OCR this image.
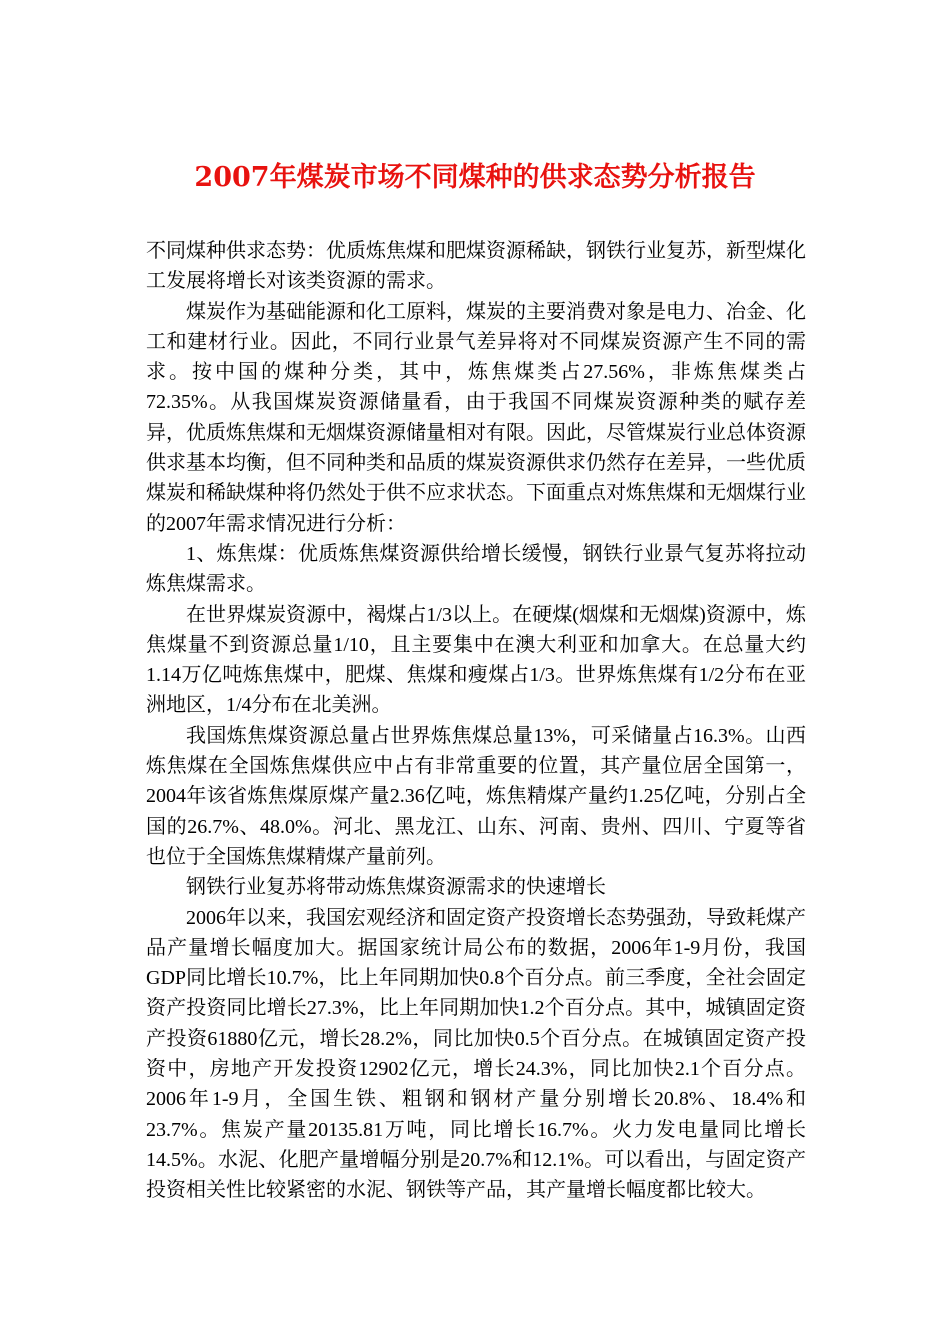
2007年煤炭市场不同煤种的供求态势分析报告

不同煤种供求态势：优质炼焦煤和肥煤资源稀缺，钢铁行业复苏，新型煤化工发展将增长对该类资源的需求。

煤炭作为基础能源和化工原料，煤炭的主要消费对象是电力、冶金、化工和建材行业。因此，不同行业景气差异将对不同煤炭资源产生不同的需求。按中国的煤种分类，其中，炼焦煤类占27.56%，非炼焦煤类占72.35%。从我国煤炭资源储量看，由于我国不同煤炭资源种类的赋存差异，优质炼焦煤和无烟煤资源储量相对有限。因此，尽管煤炭行业总体资源供求基本均衡，但不同种类和品质的煤炭资源供求仍然存在差异，一些优质煤炭和稀缺煤种将仍然处于供不应求状态。下面重点对炼焦煤和无烟煤行业的2007年需求情况进行分析：

1、炼焦煤：优质炼焦煤资源供给增长缓慢，钢铁行业景气复苏将拉动炼焦煤需求。

在世界煤炭资源中，褐煤占1/3以上。在硬煤(烟煤和无烟煤)资源中，炼焦煤量不到资源总量1/10，且主要集中在澳大利亚和加拿大。在总量大约1.14万亿吨炼焦煤中，肥煤、焦煤和瘦煤占1/3。世界炼焦煤有1/2分布在亚洲地区，1/4分布在北美洲。

我国炼焦煤资源总量占世界炼焦煤总量13%，可采储量占16.3%。山西炼焦煤在全国炼焦煤供应中占有非常重要的位置，其产量位居全国第一，2004年该省炼焦煤原煤产量2.36亿吨，炼焦精煤产量约1.25亿吨，分别占全国的26.7%、48.0%。河北、黑龙江、山东、河南、贵州、四川、宁夏等省也位于全国炼焦煤精煤产量前列。

钢铁行业复苏将带动炼焦煤资源需求的快速增长

2006年以来，我国宏观经济和固定资产投资增长态势强劲，导致耗煤产品产量增长幅度加大。据国家统计局公布的数据，2006年1-9月份，我国GDP同比增长10.7%，比上年同期加快0.8个百分点。前三季度，全社会固定资产投资同比增长27.3%，比上年同期加快1.2个百分点。其中，城镇固定资产投资61880亿元，增长28.2%，同比加快0.5个百分点。在城镇固定资产投资中，房地产开发投资12902亿元，增长24.3%，同比加快2.1个百分点。2006年1-9月，全国生铁、粗钢和钢材产量分别增长20.8%、18.4%和23.7%。焦炭产量20135.81万吨，同比增长16.7%。火力发电量同比增长14.5%。水泥、化肥产量增幅分别是20.7%和12.1%。可以看出，与固定资产投资相关性比较紧密的水泥、钢铁等产品，其产量增长幅度都比较大。
